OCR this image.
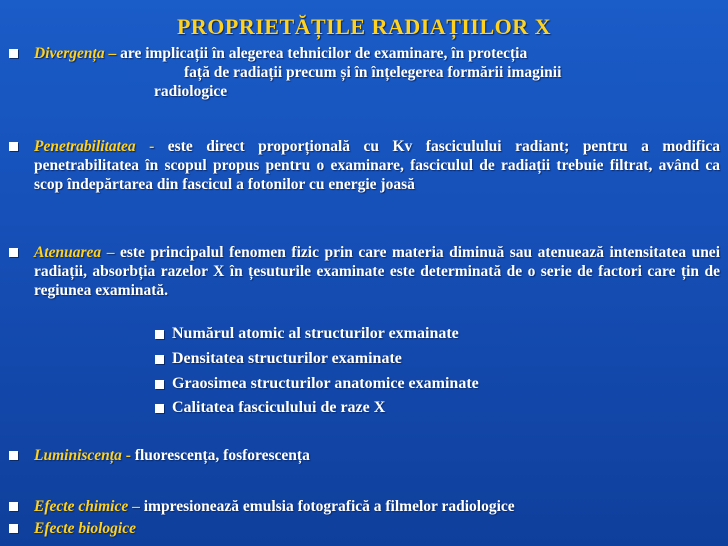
PROPRIETĂȚILE RADIAȚIILOR X
Divergența – are implicații în alegerea tehnicilor de examinare, în protecția
față de radiații precum și în înțelegerea formării imaginii
radiologice
Penetrabilitatea - este direct proporțională cu Kv fasciculului radiant; pentru a modifica penetrabilitatea în scopul propus pentru o examinare, fasciculul de radiații trebuie filtrat, având ca scop îndepărtarea din fascicul a fotonilor cu energie joasă
Atenuarea – este principalul fenomen fizic prin care materia diminuă sau atenuează intensitatea unei radiații, absorbția razelor X în țesuturile examinate este determinată de o serie de factori care țin de regiunea examinată.
Numărul atomic al structurilor exmainate
Densitatea structurilor examinate
Graosimea structurilor anatomice examinate
Calitatea fasciculului de raze X
Luminiscența - fluorescența, fosforescența
Efecte chimice – impresionează emulsia fotografică a filmelor radiologice
Efecte biologice
